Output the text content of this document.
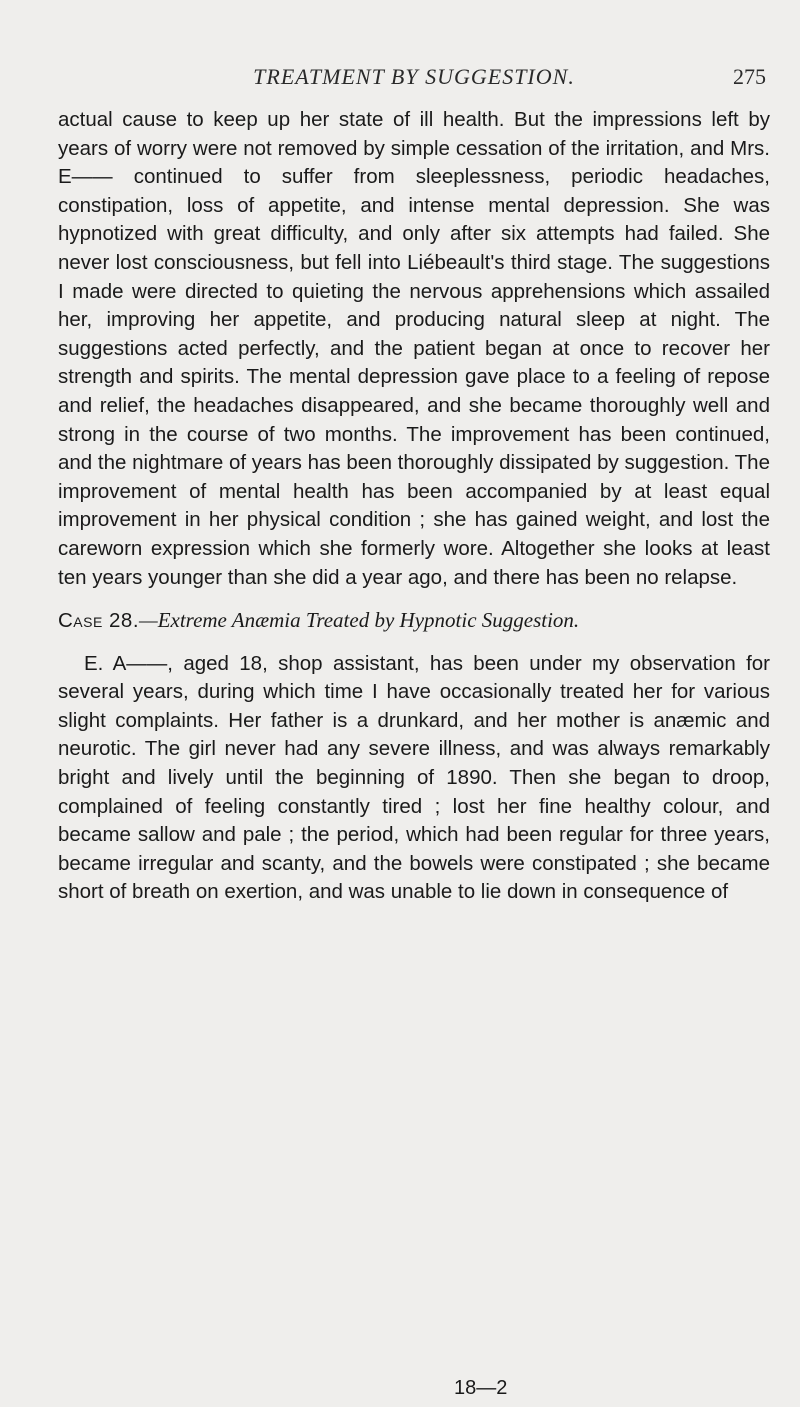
TREATMENT BY SUGGESTION.	275

actual cause to keep up her state of ill health. But the impressions left by years of worry were not removed by simple cessation of the irritation, and Mrs. E—— continued to suffer from sleeplessness, periodic headaches, constipation, loss of appetite, and intense mental depression. She was hypnotized with great difficulty, and only after six attempts had failed. She never lost consciousness, but fell into Liébeault's third stage. The suggestions I made were directed to quieting the nervous apprehensions which assailed her, improving her appetite, and producing natural sleep at night. The suggestions acted perfectly, and the patient began at once to recover her strength and spirits. The mental depression gave place to a feeling of repose and relief, the headaches disappeared, and she became thoroughly well and strong in the course of two months. The improvement has been continued, and the nightmare of years has been thoroughly dissipated by suggestion. The improvement of mental health has been accompanied by at least equal improvement in her physical condition ; she has gained weight, and lost the careworn expression which she formerly wore. Altogether she looks at least ten years younger than she did a year ago, and there has been no relapse.

Case 28.—Extreme Anæmia Treated by Hypnotic Suggestion.

E. A——, aged 18, shop assistant, has been under my observation for several years, during which time I have occasionally treated her for various slight complaints. Her father is a drunkard, and her mother is anæmic and neurotic. The girl never had any severe illness, and was always remarkably bright and lively until the beginning of 1890. Then she began to droop, complained of feeling constantly tired ; lost her fine healthy colour, and became sallow and pale ; the period, which had been regular for three years, became irregular and scanty, and the bowels were constipated ; she became short of breath on exertion, and was unable to lie down in consequence of

18—2
